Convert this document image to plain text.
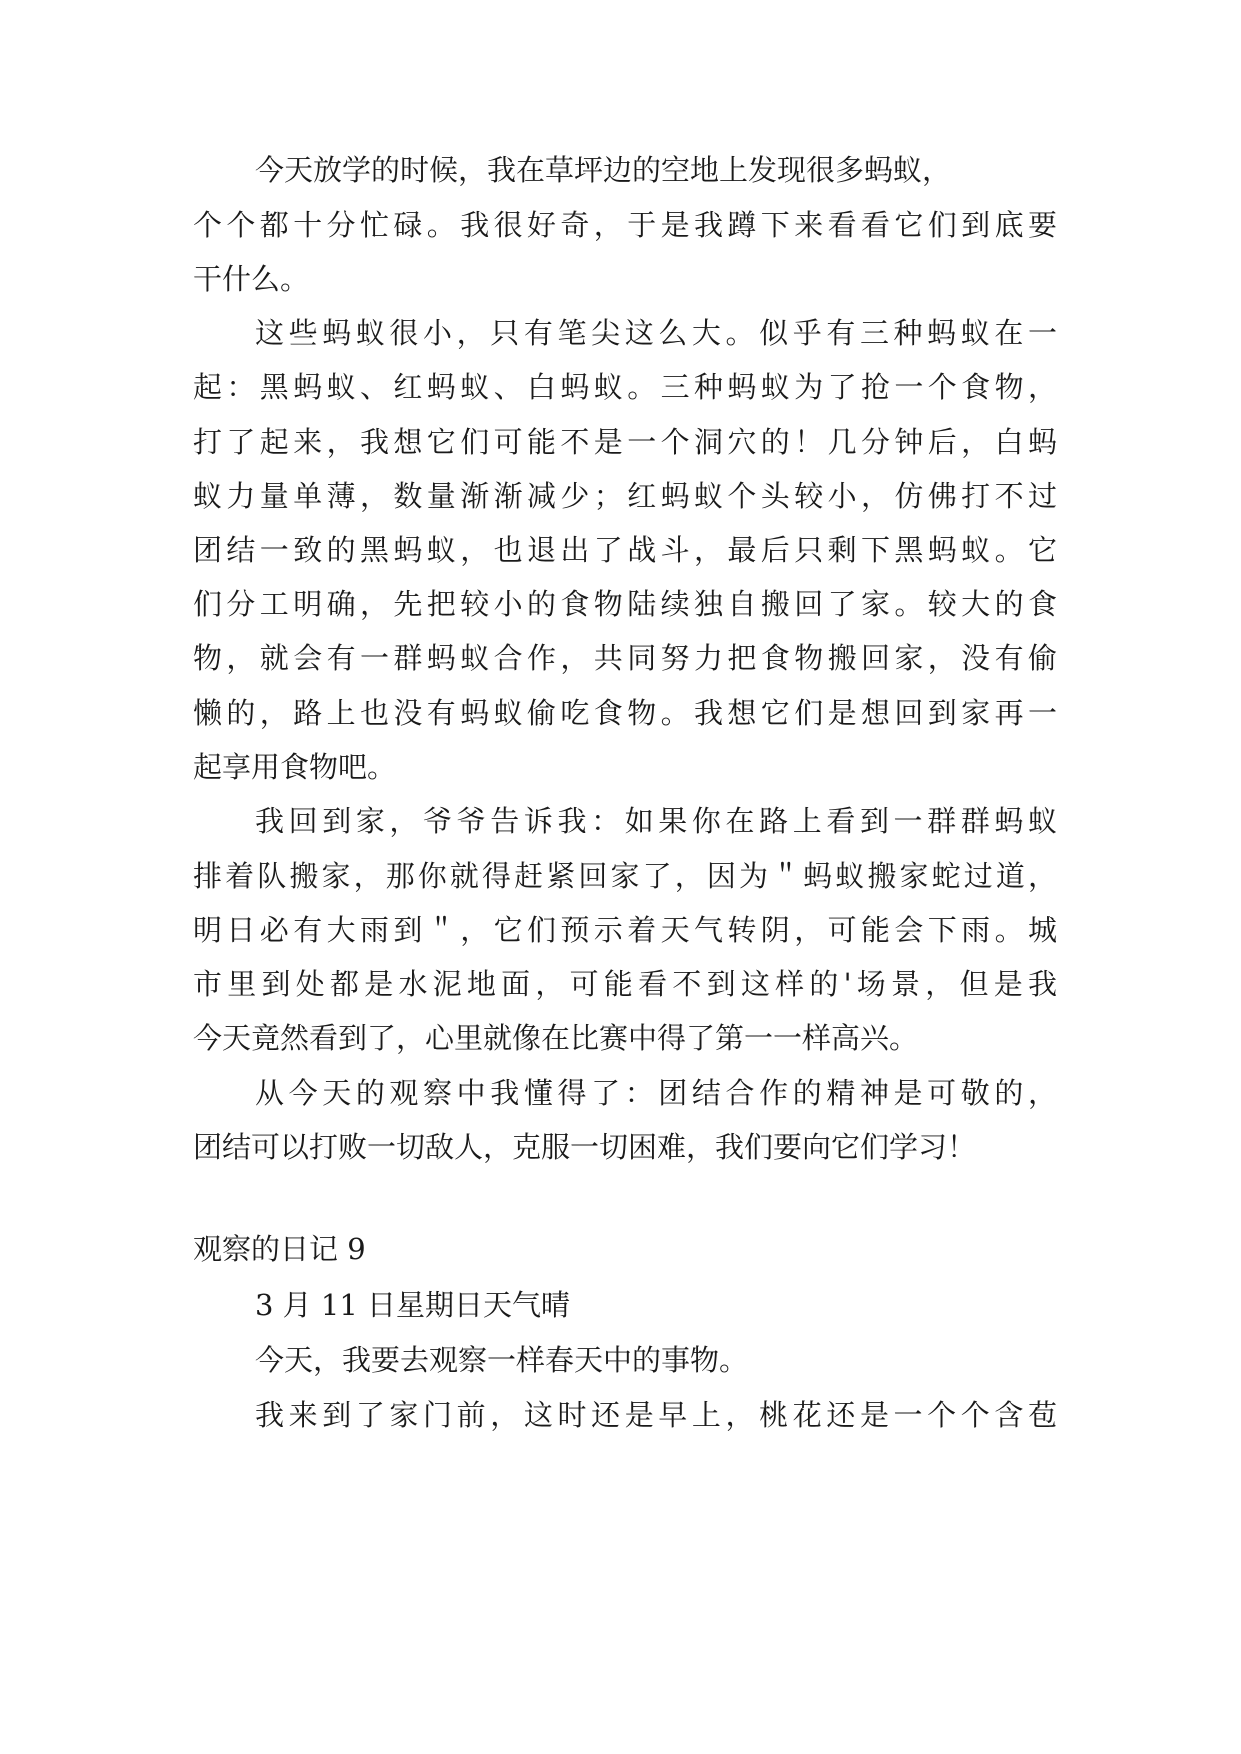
今天放学的时候，我在草坪边的空地上发现很多蚂蚁，
个个都十分忙碌。我很好奇，于是我蹲下来看看它们到底要
干什么。
这些蚂蚁很小，只有笔尖这么大。似乎有三种蚂蚁在一
起：黑蚂蚁、红蚂蚁、白蚂蚁。三种蚂蚁为了抢一个食物，
打了起来，我想它们可能不是一个洞穴的！几分钟后，白蚂
蚁力量单薄，数量渐渐减少；红蚂蚁个头较小，仿佛打不过
团结一致的黑蚂蚁，也退出了战斗，最后只剩下黑蚂蚁。它
们分工明确，先把较小的食物陆续独自搬回了家。较大的食
物，就会有一群蚂蚁合作，共同努力把食物搬回家，没有偷
懒的，路上也没有蚂蚁偷吃食物。我想它们是想回到家再一
起享用食物吧。
我回到家，爷爷告诉我：如果你在路上看到一群群蚂蚁
排着队搬家，那你就得赶紧回家了，因为＂蚂蚁搬家蛇过道，
明日必有大雨到＂，它们预示着天气转阴，可能会下雨。城
市里到处都是水泥地面，可能看不到这样的'场景，但是我
今天竟然看到了，心里就像在比赛中得了第一一样高兴。
从今天的观察中我懂得了：团结合作的精神是可敬的，
团结可以打败一切敌人，克服一切困难，我们要向它们学习！
观察的日记 9
3 月 11 日星期日天气晴
今天，我要去观察一样春天中的事物。
我来到了家门前，这时还是早上，桃花还是一个个含苞
